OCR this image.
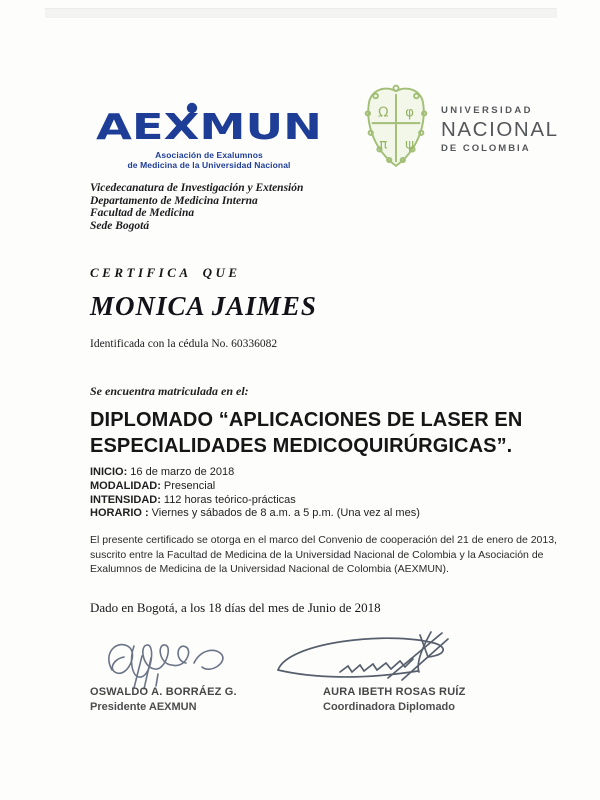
AEXMUN
Asociación de Exalumnos
de Medicina de la Universidad Nacional
Ω φ
π ψ
UNIVERSIDAD
NACIONAL
DE COLOMBIA
Vicedecanatura de Investigación y Extensión
Departamento de Medicina Interna
Facultad de Medicina
Sede Bogotá
CERTIFICA QUE
MONICA JAIMES
Identificada con la cédula No. 60336082
Se encuentra matriculada en el:
DIPLOMADO “APLICACIONES DE LASER EN ESPECIALIDADES MEDICOQUIRÚRGICAS”.
INICIO: 16 de marzo de 2018
MODALIDAD: Presencial
INTENSIDAD: 112 horas teórico-prácticas
HORARIO : Viernes y sábados de 8 a.m. a 5 p.m. (Una vez al mes)
El presente certificado se otorga en el marco del Convenio de cooperación del 21 de enero de 2013, suscrito entre la Facultad de Medicina de la Universidad Nacional de Colombia y la Asociación de Exalumnos de Medicina de la Universidad Nacional de Colombia (AEXMUN).
Dado en Bogotá, a los 18 días del mes de Junio de 2018
OSWALDO A. BORRÁEZ G.
Presidente AEXMUN
AURA IBETH ROSAS RUÍZ
Coordinadora Diplomado
